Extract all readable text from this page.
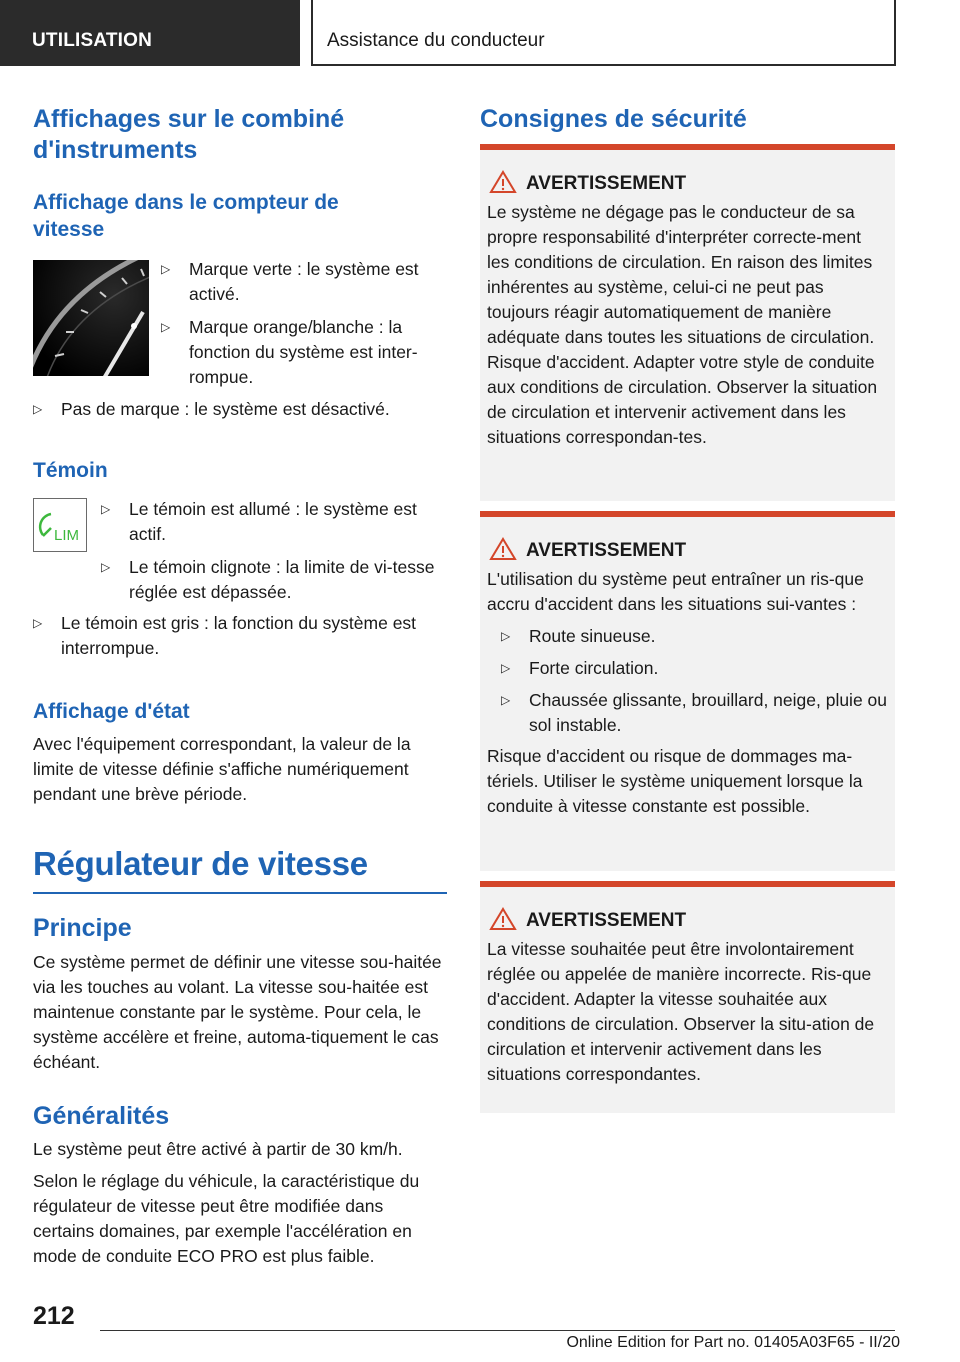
UTILISATION	Assistance du conducteur
Affichages sur le combiné d'instruments
Affichage dans le compteur de vitesse
▷	Marque verte : le système est activé.
▷	Marque orange/blanche : la fonction du système est inter-rompue.
▷	Pas de marque : le système est désactivé.
Témoin
LIM
▷	Le témoin est allumé : le système est actif.
▷	Le témoin clignote : la limite de vi-tesse réglée est dépassée.
▷	Le témoin est gris : la fonction du système est interrompue.
Affichage d'état
Avec l'équipement correspondant, la valeur de la limite de vitesse définie s'affiche numériquement pendant une brève période.
Régulateur de vitesse
Principe
Ce système permet de définir une vitesse sou-haitée via les touches au volant. La vitesse sou-haitée est maintenue constante par le système. Pour cela, le système accélère et freine, automa-tiquement le cas échéant.
Généralités
Le système peut être activé à partir de 30 km/h.
Selon le réglage du véhicule, la caractéristique du régulateur de vitesse peut être modifiée dans certains domaines, par exemple l'accélération en mode de conduite ECO PRO est plus faible.
Consignes de sécurité
AVERTISSEMENT
Le système ne dégage pas le conducteur de sa propre responsabilité d'interpréter correcte-ment les conditions de circulation. En raison des limites inhérentes au système, celui-ci ne peut pas toujours réagir automatiquement de manière adéquate dans toutes les situations de circulation. Risque d'accident. Adapter votre style de conduite aux conditions de circulation. Observer la situation de circulation et intervenir activement dans les situations correspondan-tes.
AVERTISSEMENT
L'utilisation du système peut entraîner un ris-que accru d'accident dans les situations sui-vantes :
▷	Route sinueuse.
▷	Forte circulation.
▷	Chaussée glissante, brouillard, neige, pluie ou sol instable.
Risque d'accident ou risque de dommages ma-tériels. Utiliser le système uniquement lorsque la conduite à vitesse constante est possible.
AVERTISSEMENT
La vitesse souhaitée peut être involontairement réglée ou appelée de manière incorrecte. Ris-que d'accident. Adapter la vitesse souhaitée aux conditions de circulation. Observer la situ-ation de circulation et intervenir activement dans les situations correspondantes.
212
Online Edition for Part no. 01405A03F65 - II/20
